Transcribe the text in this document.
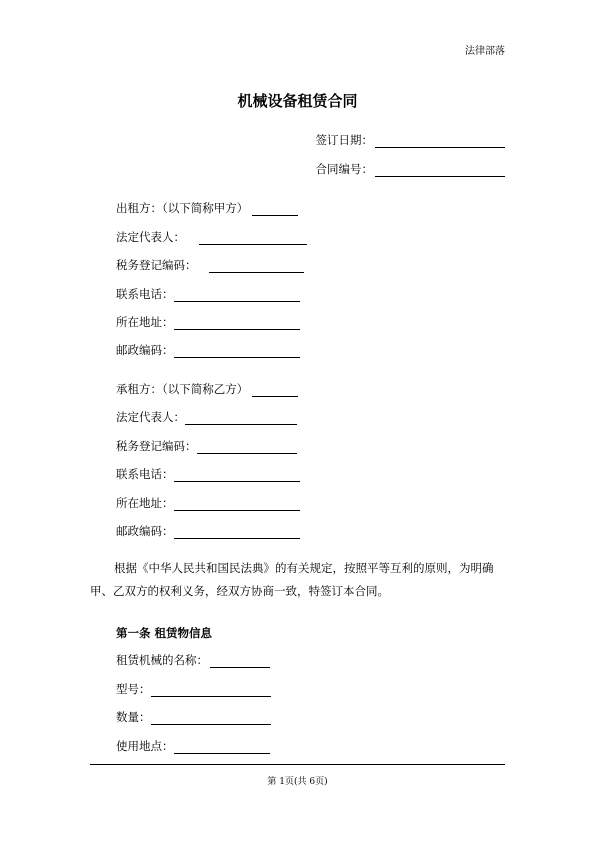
法律部落
机械设备租赁合同
签订日期：
合同编号：
出租方：（以下简称甲方）
法定代表人：
税务登记编码：
联系电话：
所在地址：
邮政编码：
承租方：（以下简称乙方）
法定代表人：
税务登记编码：
联系电话：
所在地址：
邮政编码：

根据《中华人民共和国民法典》的有关规定，按照平等互利的原则，为明确甲、乙双方的权利义务，经双方协商一致，特签订本合同。

第一条 租赁物信息
租赁机械的名称：
型号：
数量：
使用地点：
第 1页(共 6页)
